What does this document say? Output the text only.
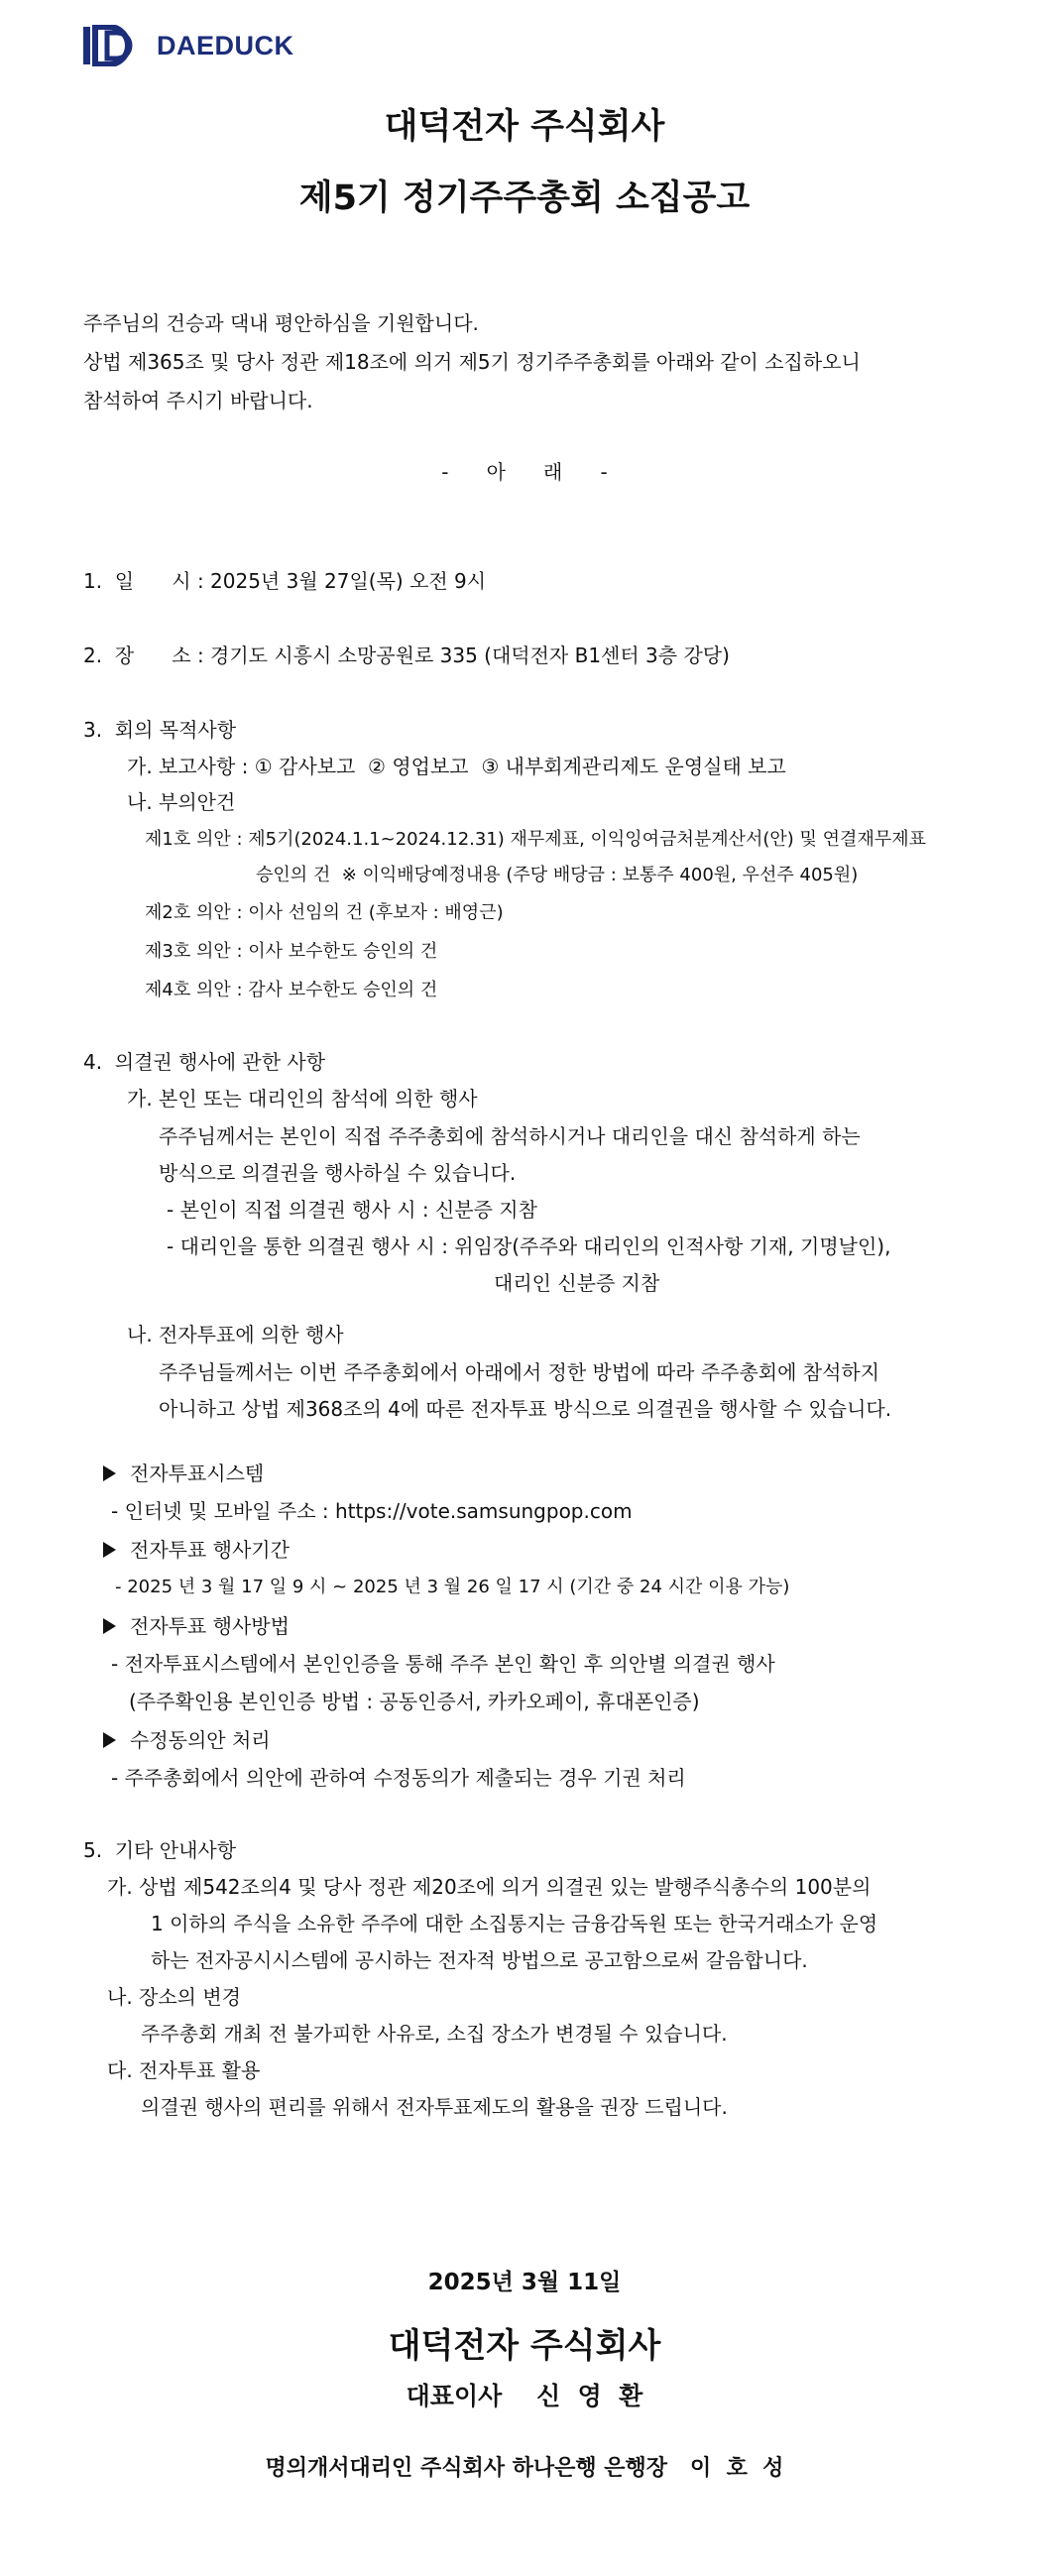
DAEDUCK
대덕전자 주식회사
제5기 정기주주총회 소집공고
주주님의 건승과 댁내 평안하심을 기원합니다.
상법 제365조 및 당사 정관 제18조에 의거 제5기 정기주주총회를 아래와 같이 소집하오니
참석하여 주시기 바랍니다.
-      아      래      -
1.  일      시 : 2025년 3월 27일(목) 오전 9시
2.  장      소 : 경기도 시흥시 소망공원로 335 (대덕전자 B1센터 3층 강당)
3.  회의 목적사항
가. 보고사항 : ① 감사보고  ② 영업보고  ③ 내부회계관리제도 운영실태 보고
나. 부의안건
제1호 의안 : 제5기(2024.1.1~2024.12.31) 재무제표, 이익잉여금처분계산서(안) 및 연결재무제표
승인의 건  ※ 이익배당예정내용 (주당 배당금 : 보통주 400원, 우선주 405원)
제2호 의안 : 이사 선임의 건 (후보자 : 배영근)
제3호 의안 : 이사 보수한도 승인의 건
제4호 의안 : 감사 보수한도 승인의 건
4.  의결권 행사에 관한 사항
가. 본인 또는 대리인의 참석에 의한 행사
주주님께서는 본인이 직접 주주총회에 참석하시거나 대리인을 대신 참석하게 하는
방식으로 의결권을 행사하실 수 있습니다.
- 본인이 직접 의결권 행사 시 : 신분증 지참
- 대리인을 통한 의결권 행사 시 : 위임장(주주와 대리인의 인적사항 기재, 기명날인),
대리인 신분증 지참
나. 전자투표에 의한 행사
주주님들께서는 이번 주주총회에서 아래에서 정한 방법에 따라 주주총회에 참석하지
아니하고 상법 제368조의 4에 따른 전자투표 방식으로 의결권을 행사할 수 있습니다.
전자투표시스템
- 인터넷 및 모바일 주소 : https://vote.samsungpop.com
전자투표 행사기간
- 2025 년 3 월 17 일 9 시 ~ 2025 년 3 월 26 일 17 시 (기간 중 24 시간 이용 가능)
전자투표 행사방법
- 전자투표시스템에서 본인인증을 통해 주주 본인 확인 후 의안별 의결권 행사
(주주확인용 본인인증 방법 : 공동인증서, 카카오페이, 휴대폰인증)
수정동의안 처리
- 주주총회에서 의안에 관하여 수정동의가 제출되는 경우 기권 처리
5.  기타 안내사항
가. 상법 제542조의4 및 당사 정관 제20조에 의거 의결권 있는 발행주식총수의 100분의
1 이하의 주식을 소유한 주주에 대한 소집통지는 금융감독원 또는 한국거래소가 운영
하는 전자공시시스템에 공시하는 전자적 방법으로 공고함으로써 갈음합니다.
나. 장소의 변경
주주총회 개최 전 불가피한 사유로, 소집 장소가 변경될 수 있습니다.
다. 전자투표 활용
의결권 행사의 편리를 위해서 전자투표제도의 활용을 권장 드립니다.
2025년 3월 11일
대덕전자 주식회사
대표이사    신  영  환
명의개서대리인 주식회사 하나은행 은행장   이  호  성
